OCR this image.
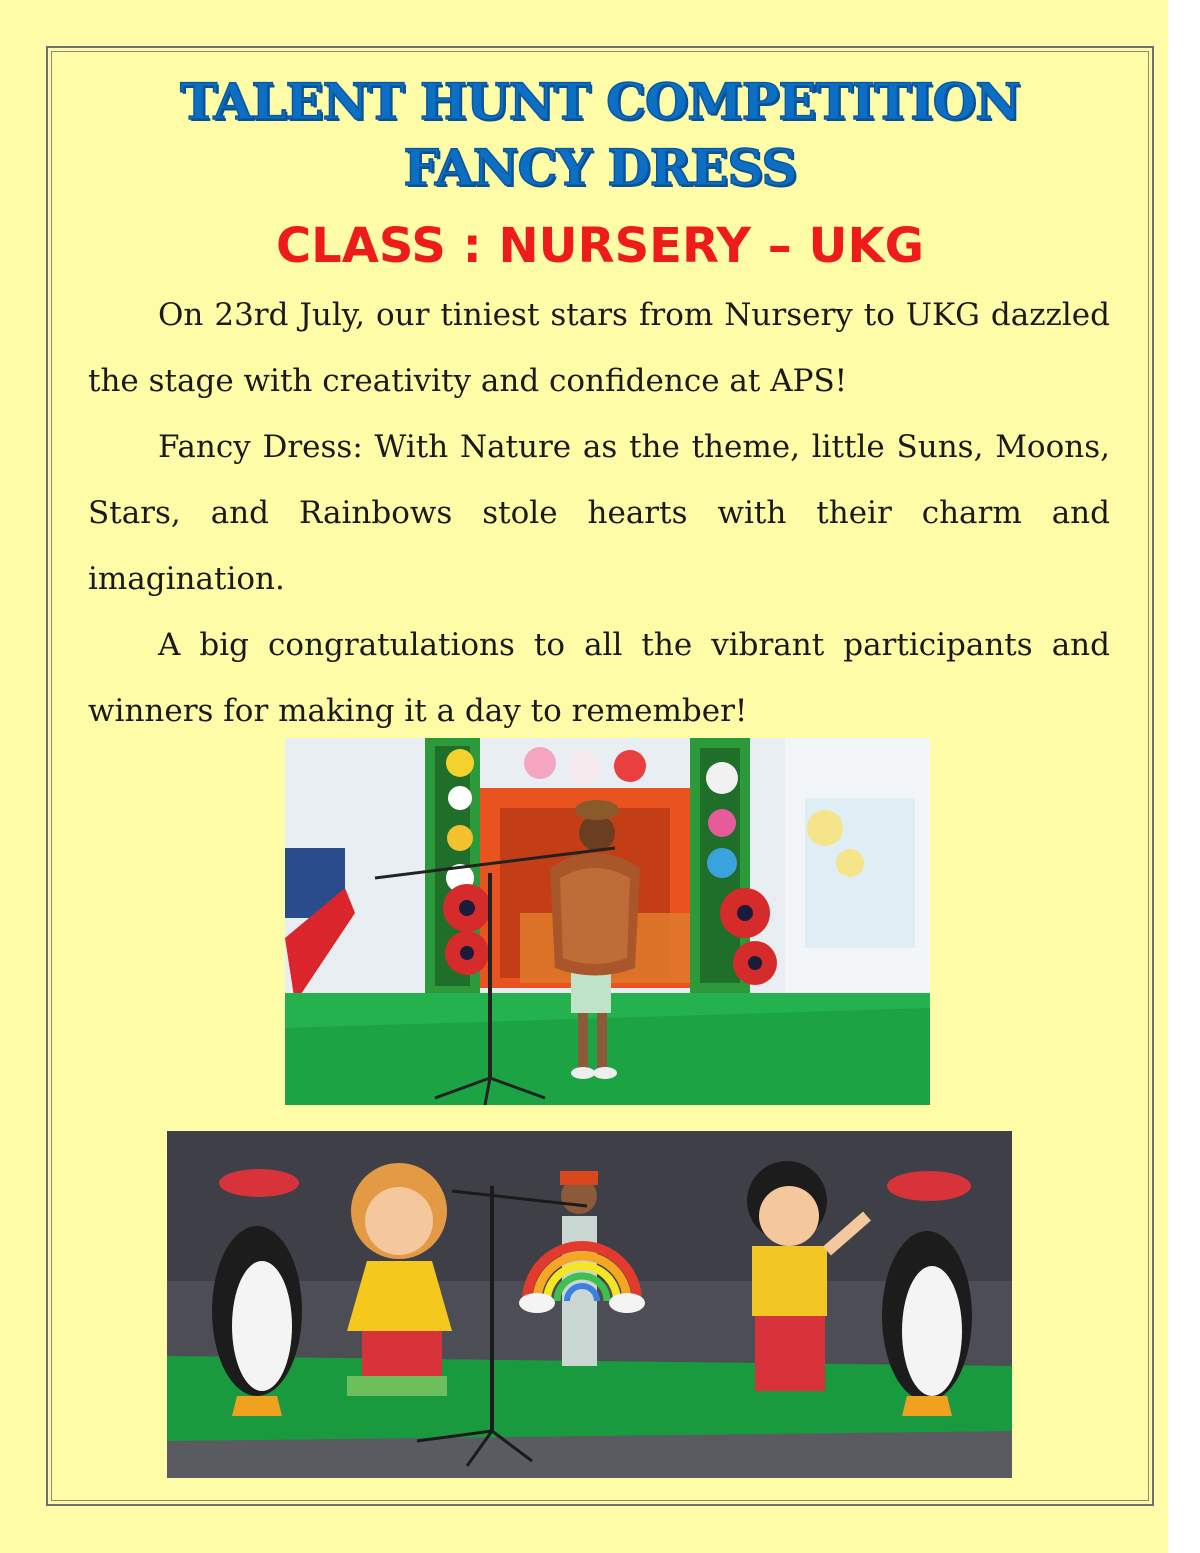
TALENT HUNT COMPETITION
FANCY DRESS
CLASS : NURSERY – UKG

On 23rd July, our tiniest stars from Nursery to UKG dazzled the stage with creativity and confidence at APS!

Fancy Dress: With Nature as the theme, little Suns, Moons, Stars, and Rainbows stole hearts with their charm and imagination.

A big congratulations to all the vibrant participants and winners for making it a day to remember!
